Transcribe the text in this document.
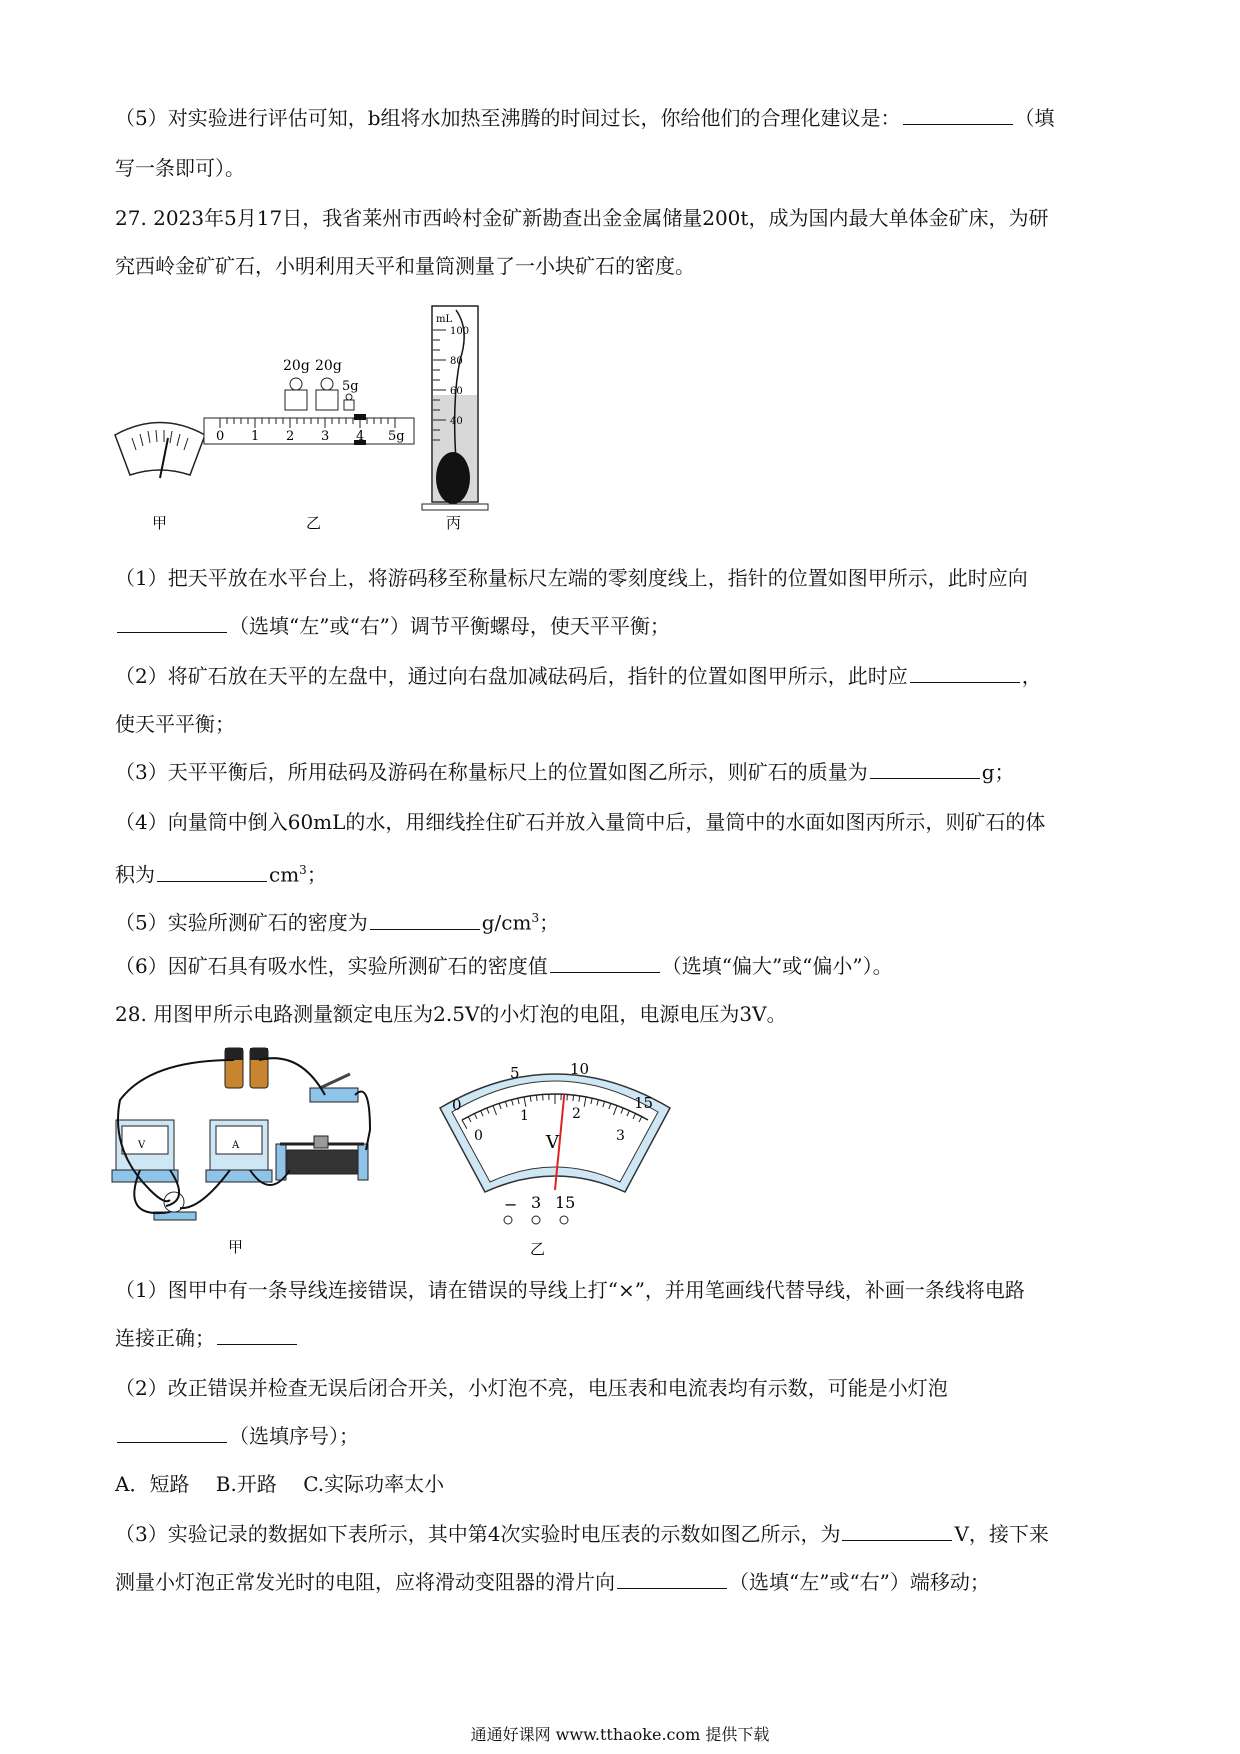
（5）对实验进行评估可知，b组将水加热至沸腾的时间过长，你给他们的合理化建议是：	（填
写一条即可）。
27. 2023年5月17日，我省莱州市西岭村金矿新勘查出金金属储量200t，成为国内最大单体金矿床，为研
究西岭金矿矿石，小明利用天平和量筒测量了一小块矿石的密度。
甲
20g 20g
5g
0 1 2 3 4 5g
乙
mL
100
80
60
40
丙
（1）把天平放在水平台上，将游码移至称量标尺左端的零刻度线上，指针的位置如图甲所示，此时应向
（选填“左”或“右”）调节平衡螺母，使天平平衡；
（2）将矿石放在天平的左盘中，通过向右盘加减砝码后，指针的位置如图甲所示，此时应	，
使天平平衡；
（3）天平平衡后，所用砝码及游码在称量标尺上的位置如图乙所示，则矿石的质量为	g；
（4）向量筒中倒入60mL的水，用细线拴住矿石并放入量筒中后，量筒中的水面如图丙所示，则矿石的体
积为	$cm^3$；
（5）实验所测矿石的密度为	$g/cm^3$；
（6）因矿石具有吸水性，实验所测矿石的密度值	（选填“偏大”或“偏小”）。
28. 用图甲所示电路测量额定电压为2.5V的小灯泡的电阻，电源电压为3V。
V	A
甲
0
5	10
15
0
1	2
3
V
− 3 15
乙
（1）图甲中有一条导线连接错误，请在错误的导线上打“×”，并用笔画线代替导线，补画一条线将电路
连接正确；
（2）改正错误并检查无误后闭合开关，小灯泡不亮，电压表和电流表均有示数，可能是小灯泡
（选填序号）；
A．短路　 B.开路　 C.实际功率太小
（3）实验记录的数据如下表所示，其中第4次实验时电压表的示数如图乙所示，为	V，接下来
测量小灯泡正常发光时的电阻，应将滑动变阻器的滑片向	（选填“左”或“右”）端移动；
通通好课网 www.tthaoke.com 提供下载
